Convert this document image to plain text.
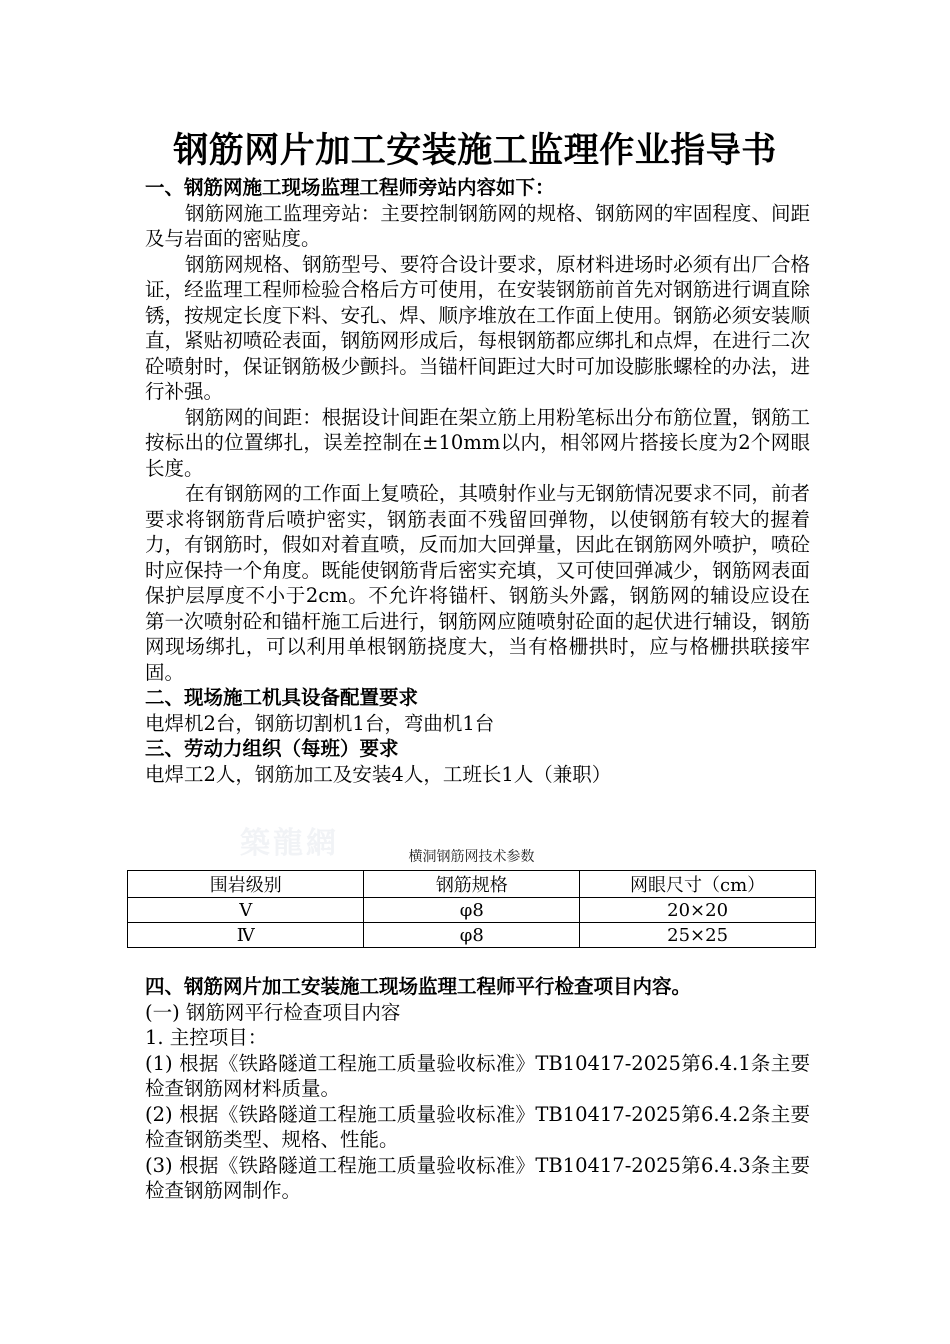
钢筋网片加工安装施工监理作业指导书

一、钢筋网施工现场监理工程师旁站内容如下：

钢筋网施工监理旁站：主要控制钢筋网的规格、钢筋网的牢固程度、间距及与岩面的密贴度。

钢筋网规格、钢筋型号、要符合设计要求，原材料进场时必须有出厂合格证，经监理工程师检验合格后方可使用，在安装钢筋前首先对钢筋进行调直除锈，按规定长度下料、安孔、焊、顺序堆放在工作面上使用。钢筋必须安装顺直，紧贴初喷砼表面，钢筋网形成后，每根钢筋都应绑扎和点焊，在进行二次砼喷射时，保证钢筋极少颤抖。当锚杆间距过大时可加设膨胀螺栓的办法，进行补强。

钢筋网的间距：根据设计间距在架立筋上用粉笔标出分布筋位置，钢筋工按标出的位置绑扎，误差控制在±10mm以内，相邻网片搭接长度为2个网眼长度。

在有钢筋网的工作面上复喷砼，其喷射作业与无钢筋情况要求不同，前者要求将钢筋背后喷护密实，钢筋表面不残留回弹物，以使钢筋有较大的握着力，有钢筋时，假如对着直喷，反而加大回弹量，因此在钢筋网外喷护，喷砼时应保持一个角度。既能使钢筋背后密实充填，又可使回弹减少，钢筋网表面保护层厚度不小于2cm。不允许将锚杆、钢筋头外露，钢筋网的辅设应设在第一次喷射砼和锚杆施工后进行，钢筋网应随喷射砼面的起伏进行辅设，钢筋网现场绑扎，可以利用单根钢筋挠度大，当有格栅拱时，应与格栅拱联接牢固。

二、现场施工机具设备配置要求

电焊机2台，钢筋切割机1台，弯曲机1台

三、劳动力组织（每班）要求

电焊工2人，钢筋加工及安装4人，工班长1人（兼职）

築龍網	横洞钢筋网技术参数
围岩级别	钢筋规格	网眼尺寸（cm）
Ⅴ	φ8	20×20
Ⅳ	φ8	25×25

四、钢筋网片加工安装施工现场监理工程师平行检查项目内容。

(一) 钢筋网平行检查项目内容

1. 主控项目：

(1) 根据《铁路隧道工程施工质量验收标准》TB10417-2025第6.4.1条主要检查钢筋网材料质量。

(2) 根据《铁路隧道工程施工质量验收标准》TB10417-2025第6.4.2条主要检查钢筋类型、规格、性能。

(3) 根据《铁路隧道工程施工质量验收标准》TB10417-2025第6.4.3条主要检查钢筋网制作。
